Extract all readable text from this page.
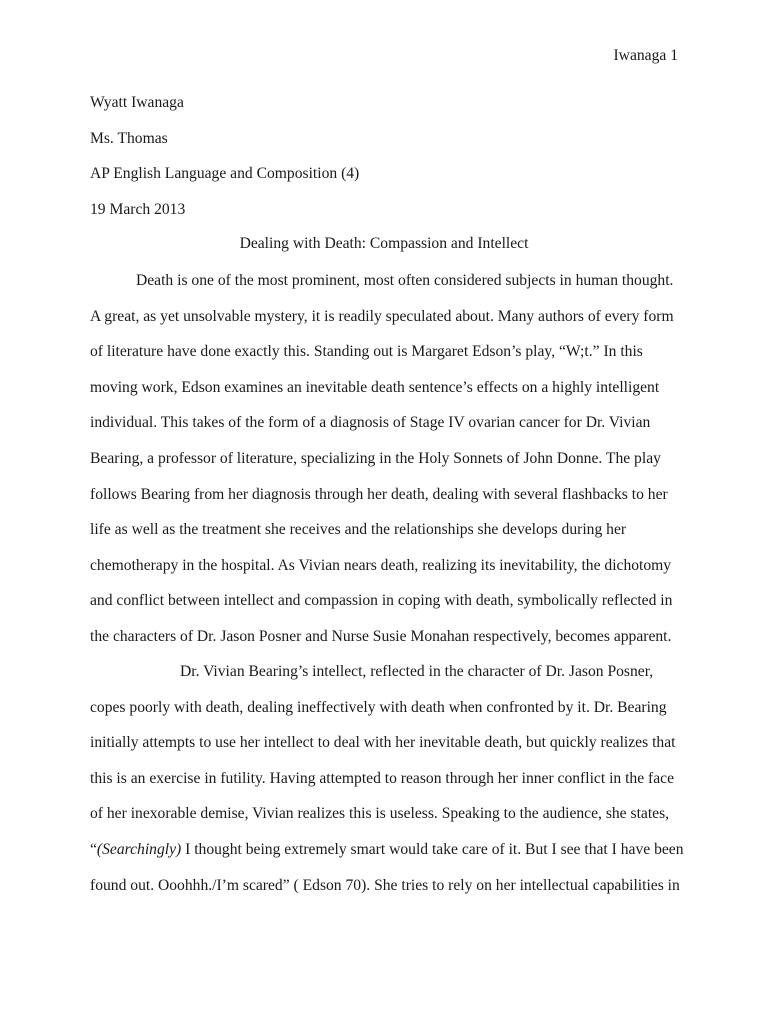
Iwanaga 1
Wyatt Iwanaga
Ms. Thomas
AP English Language and Composition (4)
19 March 2013
Dealing with Death: Compassion and Intellect

Death is one of the most prominent, most often considered subjects in human thought. A great, as yet unsolvable mystery, it is readily speculated about. Many authors of every form of literature have done exactly this. Standing out is Margaret Edson’s play, “W;t.” In this moving work, Edson examines an inevitable death sentence’s effects on a highly intelligent individual. This takes of the form of a diagnosis of Stage IV ovarian cancer for Dr. Vivian Bearing, a professor of literature, specializing in the Holy Sonnets of John Donne. The play follows Bearing from her diagnosis through her death, dealing with several flashbacks to her life as well as the treatment she receives and the relationships she develops during her chemotherapy in the hospital. As Vivian nears death, realizing its inevitability, the dichotomy and conflict between intellect and compassion in coping with death, symbolically reflected in the characters of Dr. Jason Posner and Nurse Susie Monahan respectively, becomes apparent.

Dr. Vivian Bearing’s intellect, reflected in the character of Dr. Jason Posner, copes poorly with death, dealing ineffectively with death when confronted by it. Dr. Bearing initially attempts to use her intellect to deal with her inevitable death, but quickly realizes that this is an exercise in futility. Having attempted to reason through her inner conflict in the face of her inexorable demise, Vivian realizes this is useless. Speaking to the audience, she states, “(Searchingly) I thought being extremely smart would take care of it. But I see that I have been found out. Ooohhh./I’m scared” ( Edson 70). She tries to rely on her intellectual capabilities in
